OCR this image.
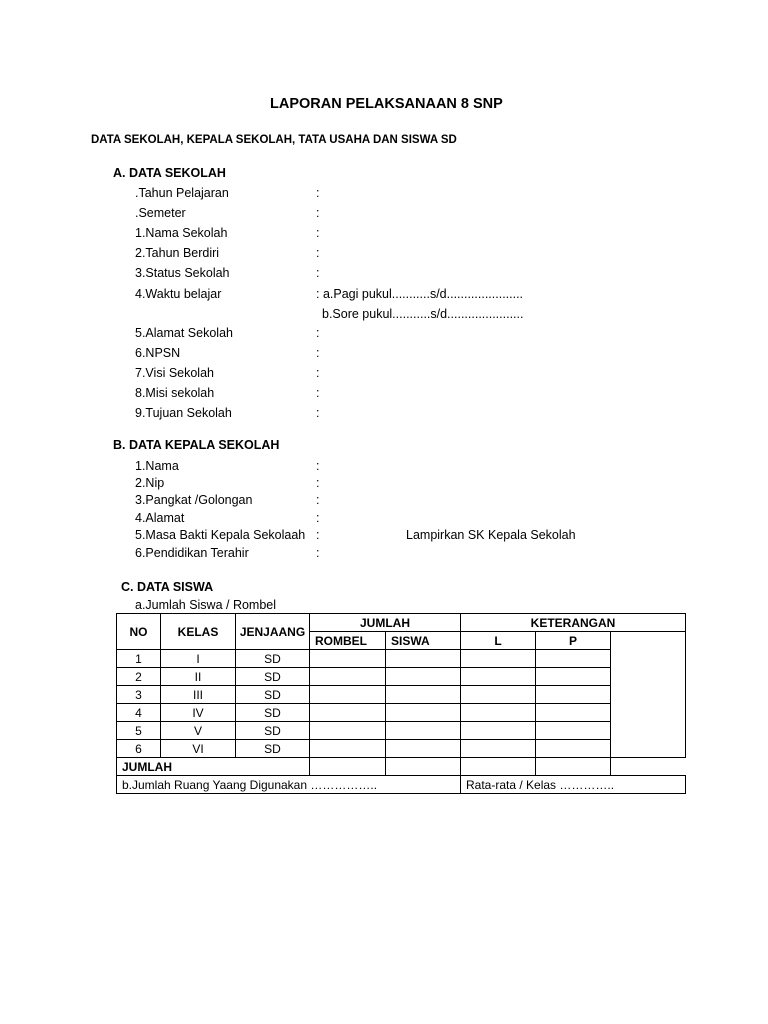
LAPORAN PELAKSANAAN 8 SNP
DATA SEKOLAH, KEPALA SEKOLAH, TATA USAHA DAN SISWA SD
A. DATA SEKOLAH
.Tahun Pelajaran	:
.Semeter	:
1.Nama Sekolah	:
2.Tahun Berdiri	:
3.Status Sekolah	:
4.Waktu belajar	: a.Pagi pukul...........s/d......................
b.Sore pukul...........s/d......................
5.Alamat Sekolah	:
6.NPSN	:
7.Visi Sekolah	:
8.Misi sekolah	:
9.Tujuan Sekolah	:
B. DATA KEPALA SEKOLAH
1.Nama	:
2.Nip	:
3.Pangkat /Golongan	:
4.Alamat	:
5.Masa Bakti Kepala Sekolaah :	Lampirkan SK Kepala Sekolah
6.Pendidikan Terahir	:
C. DATA SISWA
a.Jumlah Siswa / Rombel
NO	KELAS	JENJAANG	JUMLAH		KETERANGAN		
			ROMBEL	SISWA	L	P	
1	I	SD					
2	II	SD					
3	III	SD					
4	IV	SD					
5	V	SD					
6	VI	SD					
JUMLAH							
b.Jumlah Ruang Yaang Digunakan ……………..					Rata-rata / Kelas …………..		
